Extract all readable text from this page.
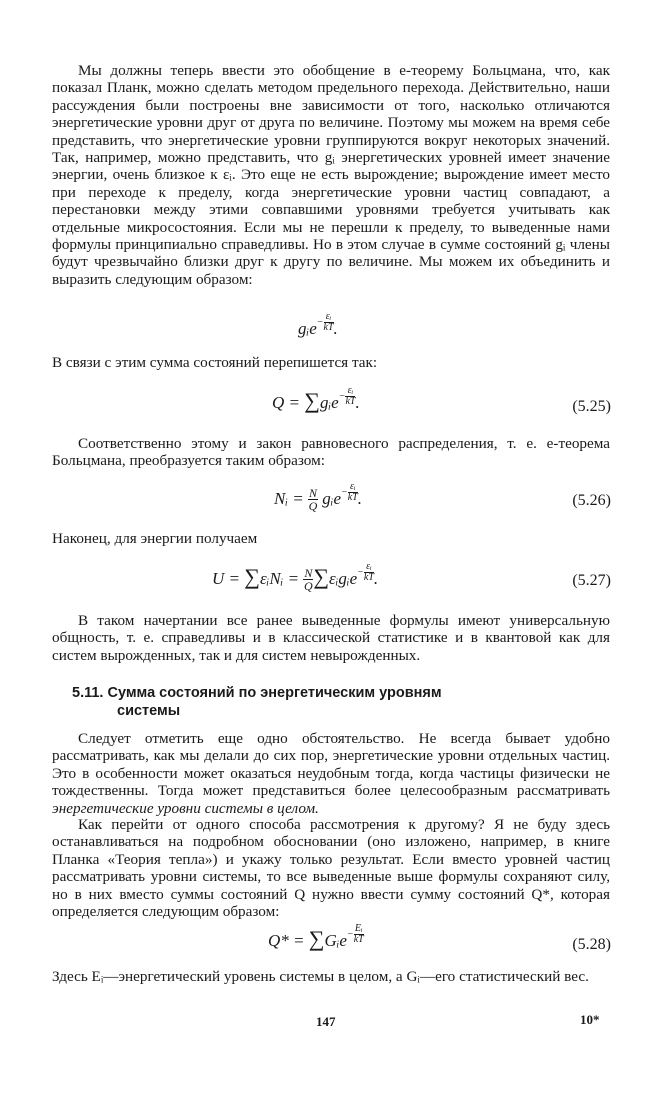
Мы должны теперь ввести это обобщение в e-теорему Больцмана, что, как показал Планк, можно сделать методом предельного перехода. Действительно, наши рассуждения были построены вне зависимости от того, насколько отличаются энергетические уровни друг от друга по величине. Поэтому мы можем на время себе представить, что энергетические уровни группируются вокруг некоторых значений. Так, например, можно представить, что gᵢ энергетических уровней имеет значение энергии, очень близкое к εᵢ. Это еще не есть вырождение; вырождение имеет место при переходе к пределу, когда энергетические уровни частиц совпадают, а перестановки между этими совпавшими уровнями требуется учитывать как отдельные микросостояния. Если мы не перешли к пределу, то выведенные нами формулы принципиально справедливы. Но в этом случае в сумме состояний gᵢ члены будут чрезвычайно близки друг к другу по величине. Мы можем их объединить и выразить следующим образом:

gᵢe$^{- \frac{\text{εᵢ}}{kT}}$ .

В связи с этим сумма состояний перепишется так:

Q = ∑gᵢe$^{- \frac{\text{εᵢ}}{kT}}$ .	(5.25)

Соответственно этому и закон равновесного распределения, т. е. e-теорема Больцмана, преобразуется таким образом:

Nᵢ = $\frac{N}{Q}$ gᵢe$^{- \frac{\text{εᵢ}}{kT}}$ .	(5.26)

Наконец, для энергии получаем

U = ∑εᵢNᵢ = $\frac{N}{Q}$ ∑εᵢgᵢe$^{- \frac{\text{εᵢ}}{kT}}$ .	(5.27)

В таком начертании все ранее выведенные формулы имеют универсальную общность, т. е. справедливы и в классической статистике и в квантовой как для систем вырожденных, так и для систем невырожденных.

5.11. Сумма состояний по энергетическим уровням
системы

Следует отметить еще одно обстоятельство. Не всегда бывает удобно рассматривать, как мы делали до сих пор, энергетические уровни отдельных частиц. Это в особенности может оказаться неудобным тогда, когда частицы физически не тождественны. Тогда может представиться более целесообразным рассматривать энергетические уровни системы в целом.

Как перейти от одного способа рассмотрения к другому? Я не буду здесь останавливаться на подробном обосновании (оно изложено, например, в книге Планка «Теория тепла») и укажу только результат. Если вместо уровней частиц рассматривать уровни системы, то все выведенные выше формулы сохраняют силу, но в них вместо суммы состояний Q нужно ввести сумму состояний Q*, которая определяется следующим образом:

Q* = ∑Gᵢe$^{- \frac{\text{Eᵢ}}{kT}}$	(5.28)

Здесь Eᵢ—энергетический уровень системы в целом, а Gᵢ—его статистический вес.

147	10*
